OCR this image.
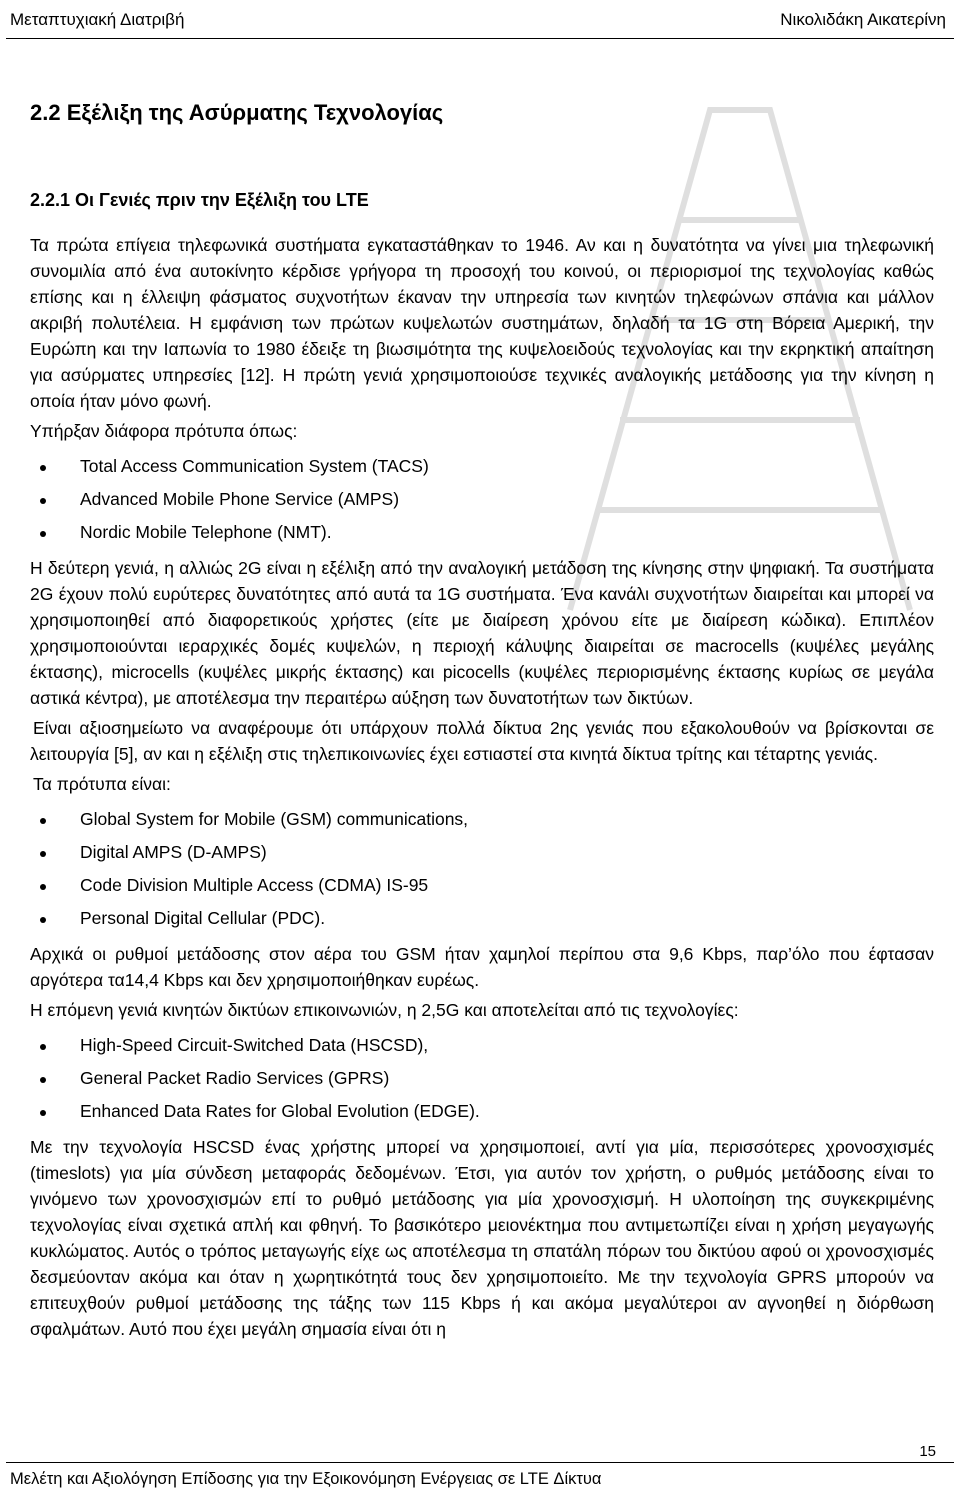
Μεταπτυχιακή Διατριβή	Νικολιδάκη Αικατερίνη
2.2 Εξέλιξη της Ασύρματης Τεχνολογίας
2.2.1 Οι Γενιές πριν την Εξέλιξη του LTE

Τα πρώτα επίγεια τηλεφωνικά συστήματα εγκαταστάθηκαν το 1946. Αν και η δυνατότητα να γίνει μια τηλεφωνική συνομιλία από ένα αυτοκίνητο κέρδισε γρήγορα τη προσοχή του κοινού, οι περιορισμοί της τεχνολογίας καθώς επίσης και η έλλειψη φάσματος συχνοτήτων έκαναν την υπηρεσία των κινητών τηλεφώνων σπάνια και μάλλον ακριβή πολυτέλεια. Η εμφάνιση των πρώτων κυψελωτών συστημάτων, δηλαδή τα 1G στη Βόρεια Αμερική, την Ευρώπη και την Ιαπωνία το 1980 έδειξε τη βιωσιμότητα της κυψελοειδούς τεχνολογίας και την εκρηκτική απαίτηση για ασύρματες υπηρεσίες [12]. Η πρώτη γενιά χρησιμοποιούσε τεχνικές αναλογικής μετάδοσης για την κίνηση η οποία ήταν μόνο φωνή.

Υπήρξαν διάφορα πρότυπα όπως:

Total Access Communication System (TACS)
Advanced Mobile Phone Service (AMPS)
Nordic Mobile Telephone (NMT).

Η δεύτερη γενιά, η αλλιώς 2G είναι η εξέλιξη από την αναλογική μετάδοση της κίνησης στην ψηφιακή. Τα συστήματα 2G έχουν πολύ ευρύτερες δυνατότητες από αυτά τα 1G συστήματα. Ένα κανάλι συχνοτήτων διαιρείται και μπορεί να χρησιμοποιηθεί από διαφορετικούς χρήστες (είτε με διαίρεση χρόνου είτε με διαίρεση κώδικα). Επιπλέον χρησιμοποιούνται ιεραρχικές δομές κυψελών, η περιοχή κάλυψης διαιρείται σε macrocells (κυψέλες μεγάλης έκτασης), microcells (κυψέλες μικρής έκτασης) και picocells (κυψέλες περιορισμένης έκτασης κυρίως σε μεγάλα αστικά κέντρα), με αποτέλεσμα την περαιτέρω αύξηση των δυνατοτήτων των δικτύων.

Είναι αξιοσημείωτο να αναφέρουμε ότι υπάρχουν πολλά δίκτυα 2ης γενιάς που εξακολουθούν να βρίσκονται σε λειτουργία [5], αν και η εξέλιξη στις τηλεπικοινωνίες έχει εστιαστεί στα κινητά δίκτυα τρίτης και τέταρτης γενιάς.

Τα πρότυπα είναι:

Global System for Mobile (GSM) communications,
Digital AMPS (D-AMPS)
Code Division Multiple Access (CDMA) IS-95
Personal Digital Cellular (PDC).

Αρχικά οι ρυθμοί μετάδοσης στον αέρα του GSM ήταν χαμηλοί περίπου στα 9,6 Kbps, παρ’όλο που έφτασαν αργότερα τα14,4 Kbps και δεν χρησιμοποιήθηκαν ευρέως.

Η επόμενη γενιά κινητών δικτύων επικοινωνιών, η 2,5G και αποτελείται από τις τεχνολογίες:

High-Speed Circuit-Switched Data (HSCSD),
General Packet Radio Services (GPRS)
Enhanced Data Rates for Global Evolution (EDGE).

Με την τεχνολογία HSCSD ένας χρήστης μπορεί να χρησιμοποιεί, αντί για μία, περισσότερες χρονοσχισμές (timeslots) για μία σύνδεση μεταφοράς δεδομένων. Έτσι, για αυτόν τον χρήστη, ο ρυθμός μετάδοσης είναι το γινόμενο των χρονοσχισμών επί το ρυθμό μετάδοσης για μία χρονοσχισμή. Η υλοποίηση της συγκεκριμένης τεχνολογίας είναι σχετικά απλή και φθηνή. Το βασικότερο μειονέκτημα που αντιμετωπίζει είναι η χρήση μεγαγωγής κυκλώματος. Αυτός ο τρόπος μεταγωγής είχε ως αποτέλεσμα τη σπατάλη πόρων του δικτύου αφού οι χρονοσχισμές δεσμεύονταν ακόμα και όταν η χωρητικότητά τους δεν χρησιμοποιείτο. Με την τεχνολογία GPRS μπορούν να επιτευχθούν ρυθμοί μετάδοσης της τάξης των 115 Kbps ή και ακόμα μεγαλύτεροι αν αγνοηθεί η διόρθωση σφαλμάτων. Αυτό που έχει μεγάλη σημασία είναι ότι η

15
Μελέτη και Αξιολόγηση Επίδοσης για την Εξοικονόμηση Ενέργειας σε LTE Δίκτυα
